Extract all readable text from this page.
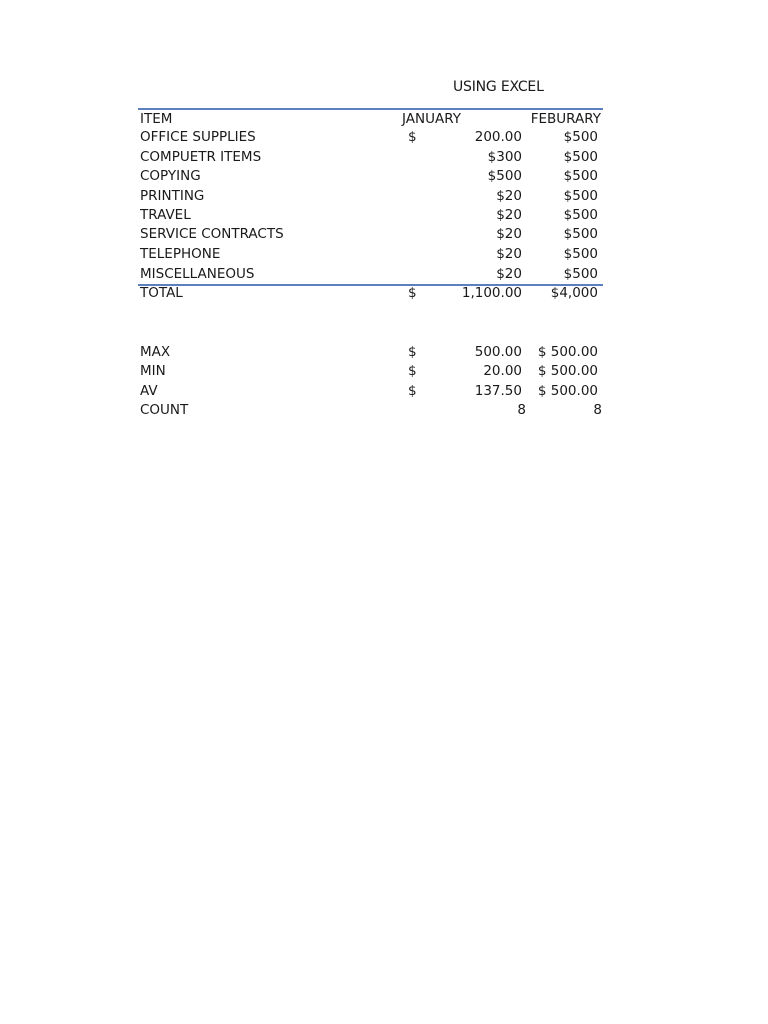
USING EXCEL
ITEM	JANUARY	FEBURARY
OFFICE SUPPLIES	$	200.00	$500
COMPUETR ITEMS	$300	$500
COPYING	$500	$500
PRINTING	$20	$500
TRAVEL	$20	$500
SERVICE CONTRACTS	$20	$500
TELEPHONE	$20	$500
MISCELLANEOUS	$20	$500
TOTAL	$	1,100.00 $4,000
MAX	$	500.00 $ 500.00
MIN	$	20.00 $ 500.00
AV	$	137.50 $ 500.00
COUNT	8	8
